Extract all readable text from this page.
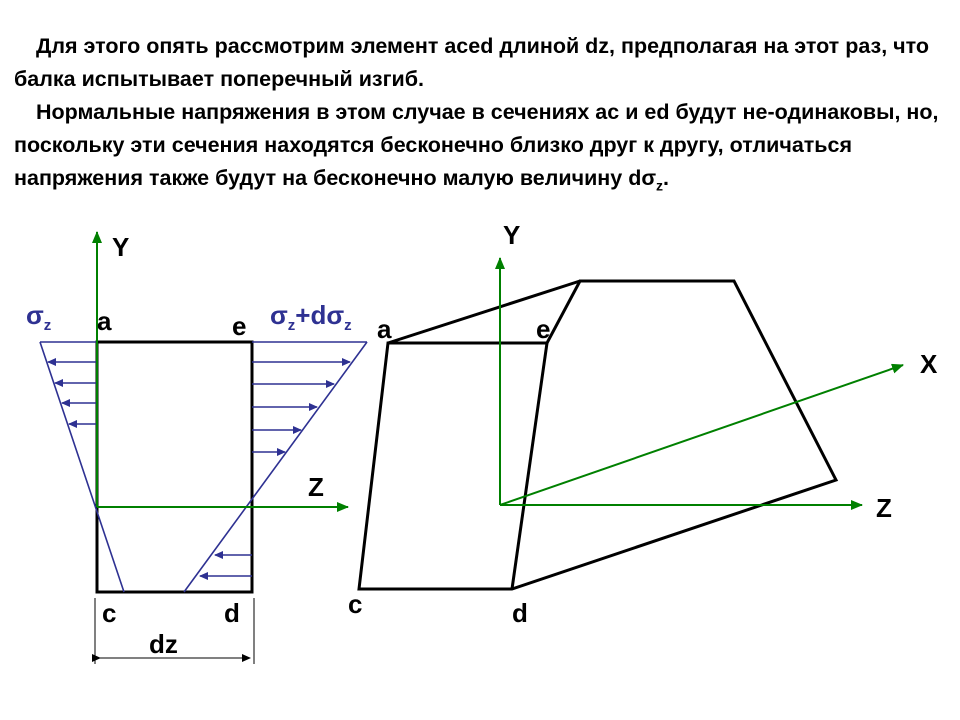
Для этого опять рассмотрим элемент aced длиной dz, предполагая на этот раз, что балка испытывает поперечный изгиб.

Нормальные напряжения в этом случае в сечениях ac и ed будут не-одинаковы, но, поскольку эти сечения находятся бесконечно близко друг к другу, отличаться напряжения также будут на бесконечно малую величину $d\sigma_z$.

Y
Z
a	e
c	d
dz
$\sigma_z$	$\sigma_z+d\sigma_z$
Y
X
Z
a	e
c	d
